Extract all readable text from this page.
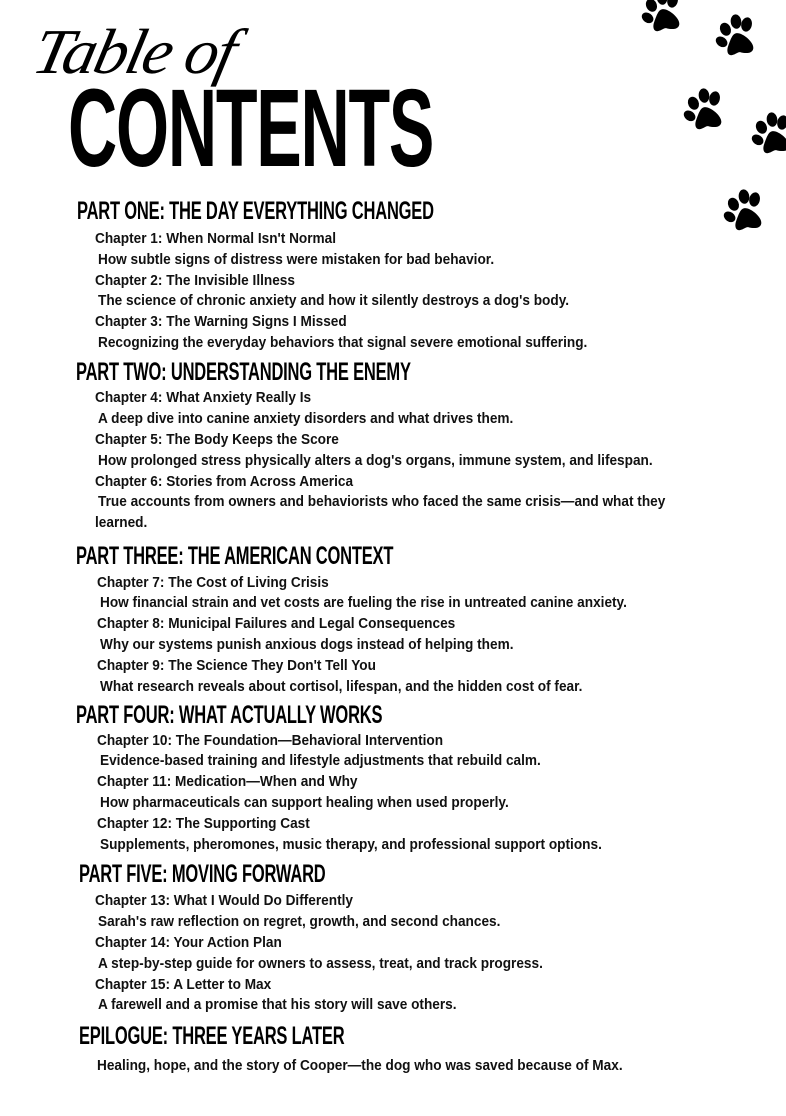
Table of
CONTENTS
PART ONE: THE DAY EVERYTHING CHANGED
Chapter 1: When Normal Isn't Normal
How subtle signs of distress were mistaken for bad behavior.
Chapter 2: The Invisible Illness
The science of chronic anxiety and how it silently destroys a dog's body.
Chapter 3: The Warning Signs I Missed
Recognizing the everyday behaviors that signal severe emotional suffering.
PART TWO: UNDERSTANDING THE ENEMY
Chapter 4: What Anxiety Really Is
A deep dive into canine anxiety disorders and what drives them.
Chapter 5: The Body Keeps the Score
How prolonged stress physically alters a dog's organs, immune system, and lifespan.
Chapter 6: Stories from Across America
True accounts from owners and behaviorists who faced the same crisis—and what they
learned.
PART THREE: THE AMERICAN CONTEXT
Chapter 7: The Cost of Living Crisis
How financial strain and vet costs are fueling the rise in untreated canine anxiety.
Chapter 8: Municipal Failures and Legal Consequences
Why our systems punish anxious dogs instead of helping them.
Chapter 9: The Science They Don't Tell You
What research reveals about cortisol, lifespan, and the hidden cost of fear.
PART FOUR: WHAT ACTUALLY WORKS
Chapter 10: The Foundation—Behavioral Intervention
Evidence-based training and lifestyle adjustments that rebuild calm.
Chapter 11: Medication—When and Why
How pharmaceuticals can support healing when used properly.
Chapter 12: The Supporting Cast
Supplements, pheromones, music therapy, and professional support options.
PART FIVE: MOVING FORWARD
Chapter 13: What I Would Do Differently
Sarah's raw reflection on regret, growth, and second chances.
Chapter 14: Your Action Plan
A step-by-step guide for owners to assess, treat, and track progress.
Chapter 15: A Letter to Max
A farewell and a promise that his story will save others.
EPILOGUE: THREE YEARS LATER
Healing, hope, and the story of Cooper—the dog who was saved because of Max.
